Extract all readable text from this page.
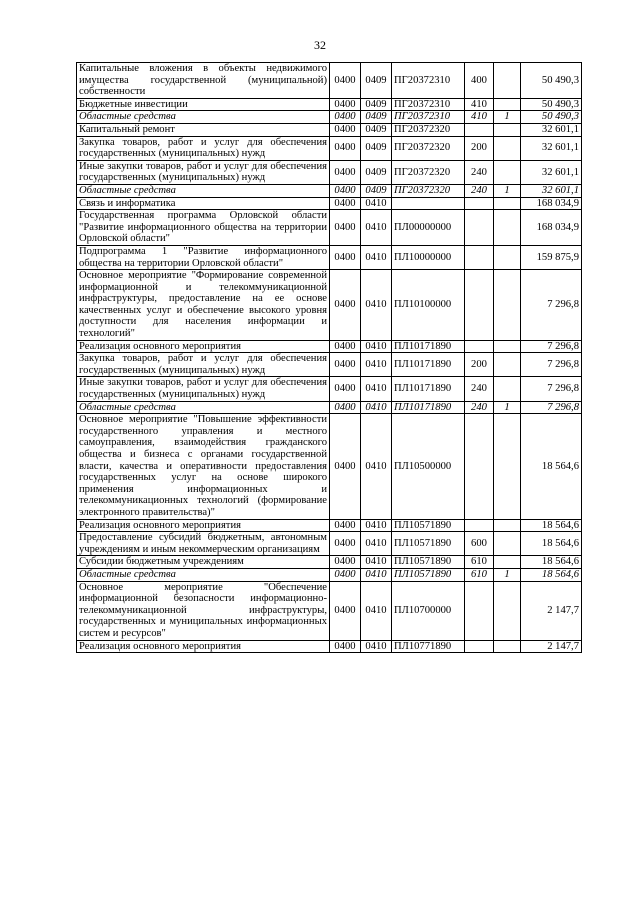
32
Капитальные вложения в объекты недвижимого имущества государственной (муниципальной) собственности	0400	0409	ПГ20372310	400		50 490,3
Бюджетные инвестиции	0400	0409	ПГ20372310	410		50 490,3
Областные средства	0400	0409	ПГ20372310	410	1	50 490,3
Капитальный ремонт	0400	0409	ПГ20372320			32 601,1
Закупка товаров, работ и услуг для обеспечения государственных (муниципальных) нужд	0400	0409	ПГ20372320	200		32 601,1
Иные закупки товаров, работ и услуг для обеспечения государственных (муниципальных) нужд	0400	0409	ПГ20372320	240		32 601,1
Областные средства	0400	0409	ПГ20372320	240	1	32 601,1
Связь и информатика	0400	0410				168 034,9
Государственная программа Орловской области "Развитие информационного общества на территории Орловской области"	0400	0410	ПЛ00000000			168 034,9
Подпрограмма 1 "Развитие информационного общества на территории Орловской области"	0400	0410	ПЛ10000000			159 875,9
Основное мероприятие "Формирование современной информационной и телекоммуникационной инфраструктуры, предоставление на ее основе качественных услуг и обеспечение высокого уровня доступности для населения информации и технологий"	0400	0410	ПЛ10100000			7 296,8
Реализация основного мероприятия	0400	0410	ПЛ10171890			7 296,8
Закупка товаров, работ и услуг для обеспечения государственных (муниципальных) нужд	0400	0410	ПЛ10171890	200		7 296,8
Иные закупки товаров, работ и услуг для обеспечения государственных (муниципальных) нужд	0400	0410	ПЛ10171890	240		7 296,8
Областные средства	0400	0410	ПЛ10171890	240	1	7 296,8
Основное мероприятие "Повышение эффективности государственного управления и местного самоуправления, взаимодействия гражданского общества и бизнеса с органами государственной власти, качества и оперативности предоставления государственных услуг на основе широкого применения информационных и телекоммуникационных технологий (формирование электронного правительства)"	0400	0410	ПЛ10500000			18 564,6
Реализация основного мероприятия	0400	0410	ПЛ10571890			18 564,6
Предоставление субсидий бюджетным, автономным учреждениям и иным некоммерческим организациям	0400	0410	ПЛ10571890	600		18 564,6
Субсидии бюджетным учреждениям	0400	0410	ПЛ10571890	610		18 564,6
Областные средства	0400	0410	ПЛ10571890	610	1	18 564,6
Основное мероприятие "Обеспечение информационной безопасности информационно-телекоммуникационной инфраструктуры, государственных и муниципальных информационных систем и ресурсов"	0400	0410	ПЛ10700000			2 147,7
Реализация основного мероприятия	0400	0410	ПЛ10771890			2 147,7
